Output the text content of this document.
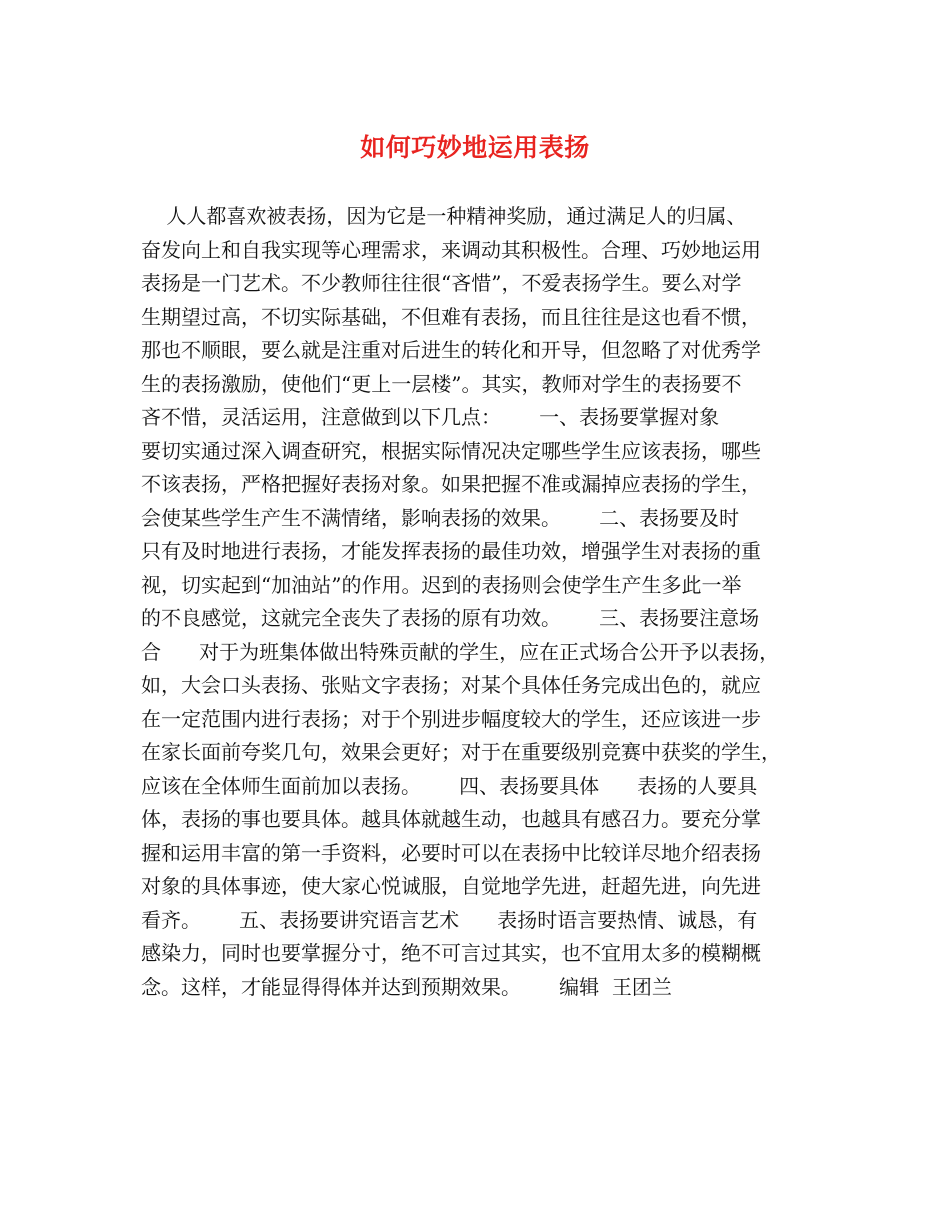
如何巧妙地运用表扬
人人都喜欢被表扬，因为它是一种精神奖励，通过满足人的归属、
奋发向上和自我实现等心理需求，来调动其积极性。合理、巧妙地运用
表扬是一门艺术。不少教师往往很“吝惜”，不爱表扬学生。要么对学
生期望过高，不切实际基础，不但难有表扬，而且往往是这也看不惯，
那也不顺眼，要么就是注重对后进生的转化和开导，但忽略了对优秀学
生的表扬激励，使他们“更上一层楼”。其实，教师对学生的表扬要不
吝不惜，灵活运用，注意做到以下几点：      一、表扬要掌握对象
要切实通过深入调查研究，根据实际情况决定哪些学生应该表扬，哪些
不该表扬，严格把握好表扬对象。如果把握不准或漏掉应表扬的学生，
会使某些学生产生不满情绪，影响表扬的效果。      二、表扬要及时
只有及时地进行表扬，才能发挥表扬的最佳功效，增强学生对表扬的重
视，切实起到“加油站”的作用。迟到的表扬则会使学生产生多此一举
的不良感觉，这就完全丧失了表扬的原有功效。      三、表扬要注意场
合      对于为班集体做出特殊贡献的学生，应在正式场合公开予以表扬，
如，大会口头表扬、张贴文字表扬；对某个具体任务完成出色的，就应
在一定范围内进行表扬；对于个别进步幅度较大的学生，还应该进一步
在家长面前夸奖几句，效果会更好；对于在重要级别竞赛中获奖的学生，
应该在全体师生面前加以表扬。      四、表扬要具体      表扬的人要具
体，表扬的事也要具体。越具体就越生动，也越具有感召力。要充分掌
握和运用丰富的第一手资料，必要时可以在表扬中比较详尽地介绍表扬
对象的具体事迹，使大家心悦诚服，自觉地学先进，赶超先进，向先进
看齐。      五、表扬要讲究语言艺术      表扬时语言要热情、诚恳，有
感染力，同时也要掌握分寸，绝不可言过其实，也不宜用太多的模糊概
念。这样，才能显得得体并达到预期效果。      编辑  王团兰
